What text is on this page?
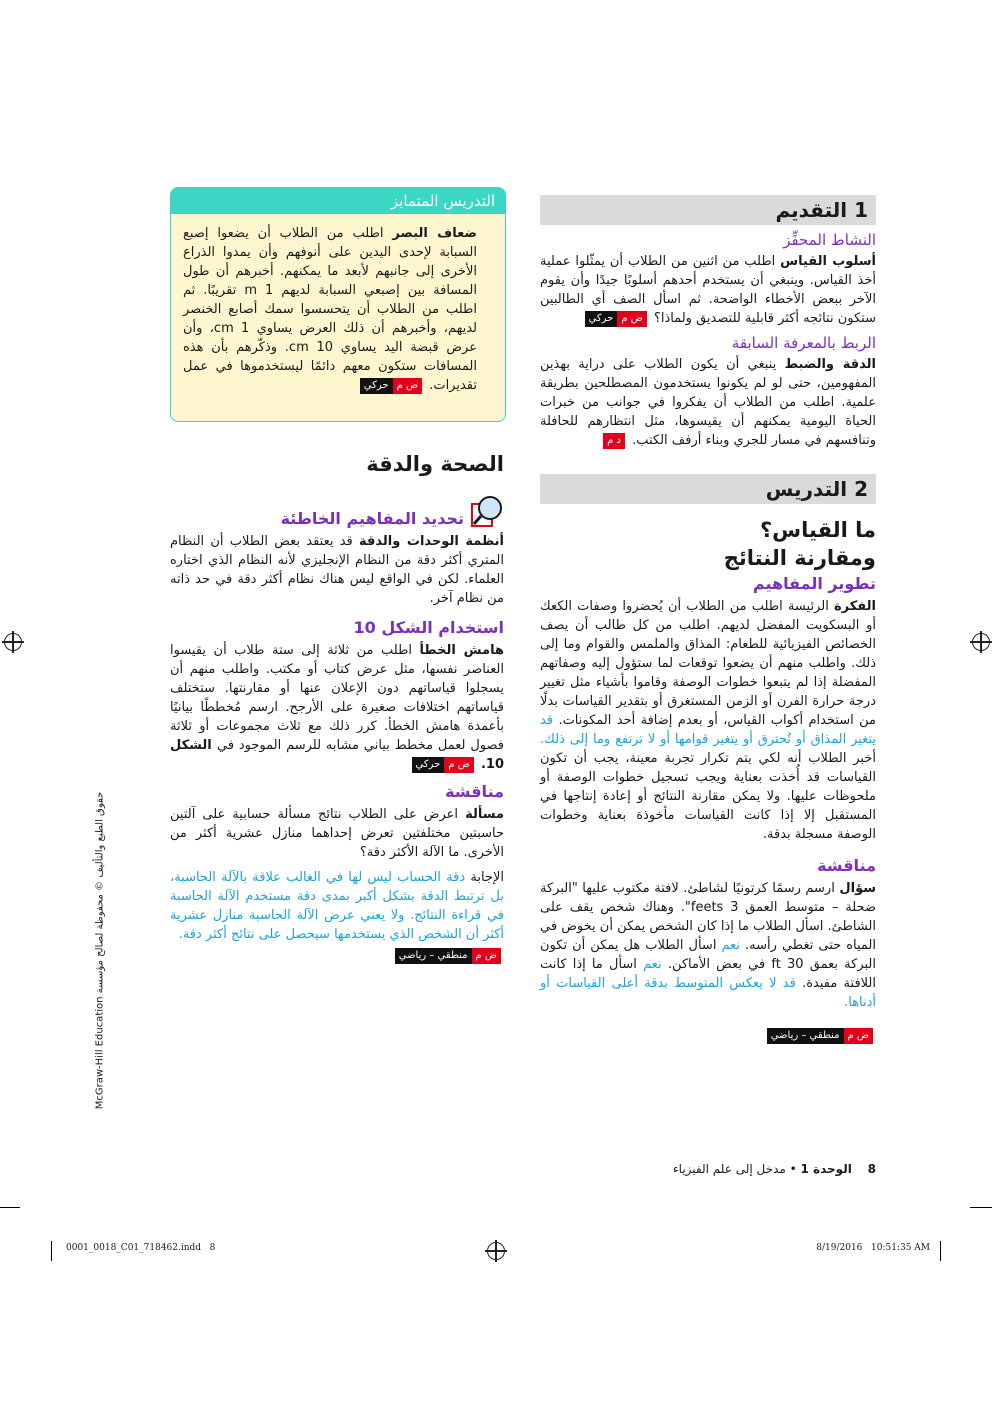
حقوق الطبع والتأليف © محفوظة لصالح مؤسسة McGraw-Hill Education
1 التقديم
النشاط المحفِّز

أسلوب القياس اطلب من اثنين من الطلاب أن يمثّلوا عملية أخذ القياس. وينبغي أن يستخدم أحدهم أسلوبًا جيدًا وأن يقوم الآخر ببعض الأخطاء الواضحة. ثم اسأل الصف أي الطالبين ستكون نتائجه أكثر قابلية للتصديق ولماذا؟
ض م
حركي

الربط بالمعرفة السابقة

الدقة والضبط ينبغي أن يكون الطلاب على دراية بهذين المفهومين، حتى لو لم يكونوا يستخدمون المصطلحين بطريقة علمية. اطلب من الطلاب أن يفكروا في جوانب من خبرات الحياة اليومية يمكنهم أن يقيسوها، مثل انتظارهم للحافلة وتنافسهم في مسار للجري وبناء أرفف الكتب.
د م

2 التدريس
ما القياس؟
ومقارنة النتائج
تطوير المفاهيم

الفكرة الرئيسة اطلب من الطلاب أن يُحضروا وصفات الكعك أو البسكويت المفضل لديهم. اطلب من كل طالب أن يصف الخصائص الفيزيائية للطعام: المذاق والملمس والقوام وما إلى ذلك. واطلب منهم أن يضعوا توقعات لما ستؤول إليه وصفاتهم المفضلة إذا لم يتبعوا خطوات الوصفة وقاموا بأشياء مثل تغيير درجة حرارة الفرن أو الزمن المستغرق أو بتقدير القياسات بدلًا من استخدام أكواب القياس، أو بعدم إضافة أحد المكونات. قد يتغير المذاق أو تُحترق أو يتغير قوامها أو لا ترتفع وما إلى ذلك. أخبر الطلاب أنه لكي يتم تكرار تجربة معينة، يجب أن تكون القياسات قد أُخذت بعناية ويجب تسجيل خطوات الوصفة أو ملحوظات عليها. ولا يمكن مقارنة النتائج أو إعادة إنتاجها في المستقبل إلا إذا كانت القياسات مأخوذة بعناية وخطوات الوصفة مسجلة بدقة.

مناقشة

سؤال ارسم رسمًا كرتونيًا لشاطئ. لافتة مكتوب عليها "البركة ضحلة – متوسط العمق 3 feets". وهناك شخص يقف على الشاطئ. اسأل الطلاب ما إذا كان الشخص يمكن أن يخوض في المياه حتى تغطي رأسه. نعم اسأل الطلاب هل يمكن أن تكون البركة بعمق 30 ft في بعض الأماكن. نعم اسأل ما إذا كانت اللافتة مفيدة. قد لا يعكس المتوسط بدقة أعلى القياسات أو أدناها.

ض م
منطقي – رياضي
التدريس المتمايز

ضعاف البصر اطلب من الطلاب أن يضعوا إصبع السبابة لإحدى اليدين على أنوفهم وأن يمدوا الذراع الأخرى إلى جانبهم لأبعد ما يمكنهم. أخبرهم أن طول المسافة بين إصبعي السبابة لديهم 1 m تقريبًا. ثم اطلب من الطلاب أن يتحسسوا سمك أصابع الخنصر لديهم، وأخبرهم أن ذلك العرض يساوي 1 cm، وأن عرض قبضة اليد يساوي 10 cm. وذكّرهم بأن هذه المسافات ستكون معهم دائمًا ليستخدموها في عمل تقديرات.
ض م
حركي

الصحة والدقة
تحديد المفاهيم الخاطئة

أنظمة الوحدات والدقة قد يعتقد بعض الطلاب أن النظام المتري أكثر دقة من النظام الإنجليزي لأنه النظام الذي اختاره العلماء. لكن في الواقع ليس هناك نظام أكثر دقة في حد ذاته من نظام آخر.

استخدام الشكل 10

هامش الخطأ اطلب من ثلاثة إلى ستة طلاب أن يقيسوا العناصر نفسها، مثل عرض كتاب أو مكتب. واطلب منهم أن يسجلوا قياساتهم دون الإعلان عنها أو مقارنتها. ستختلف قياساتهم اختلافات صغيرة على الأرجح. ارسم مُخططًا بيانيًا بأعمدة هامش الخطأ. كرر ذلك مع ثلاث مجموعات أو ثلاثة فصول لعمل مخطط بياني مشابه للرسم الموجود في الشكل 10.
ض م
حركي

مناقشة

مسألة اعرض على الطلاب نتائج مسألة حسابية على آلتين حاسبتين مختلفتين تعرض إحداهما منازل عشرية أكثر من الأخرى. ما الآلة الأكثر دقة؟

الإجابة دقة الحساب ليس لها في الغالب علاقة بالآلة الحاسبة، بل ترتبط الدقة بشكل أكبر بمدى دقة مستخدم الآلة الحاسبة في قراءة النتائج. ولا يعني عرض الآلة الحاسبة منازل عشرية أكثر أن الشخص الذي يستخدمها سيحصل على نتائج أكثر دقة.

ض م
منطقي – رياضي
8 الوحدة 1 • مدخل إلى علم الفيزياء
0001_0018_C01_718462.indd   8	8/19/2016   10:51:35 AM
